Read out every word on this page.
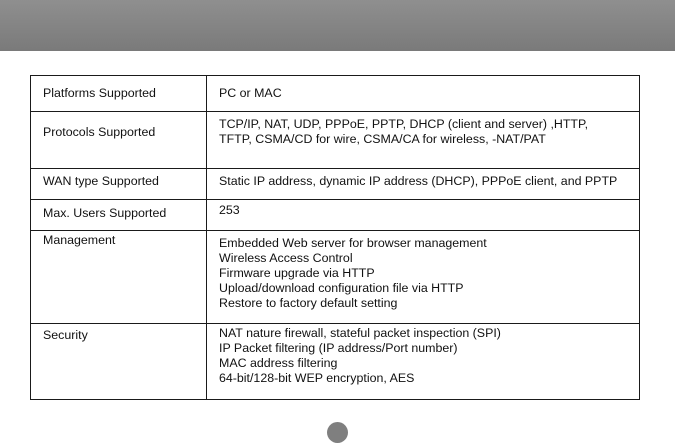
Platforms Supported	PC or MAC

Protocols Supported	TCP/IP, NAT, UDP, PPPoE, PPTP, DHCP (client and server) ,HTTP,
TFTP, CSMA/CD for wire, CSMA/CA for wireless, -NAT/PAT

WAN type Supported	Static IP address, dynamic IP address (DHCP), PPPoE client, and PPTP

Max. Users Supported	253

Management	Embedded Web server for browser management
Wireless Access Control
Firmware upgrade via HTTP
Upload/download configuration file via HTTP
Restore to factory default setting

Security	NAT nature firewall, stateful packet inspection (SPI)
IP Packet filtering (IP address/Port number)
MAC address filtering
64-bit/128-bit WEP encryption, AES
